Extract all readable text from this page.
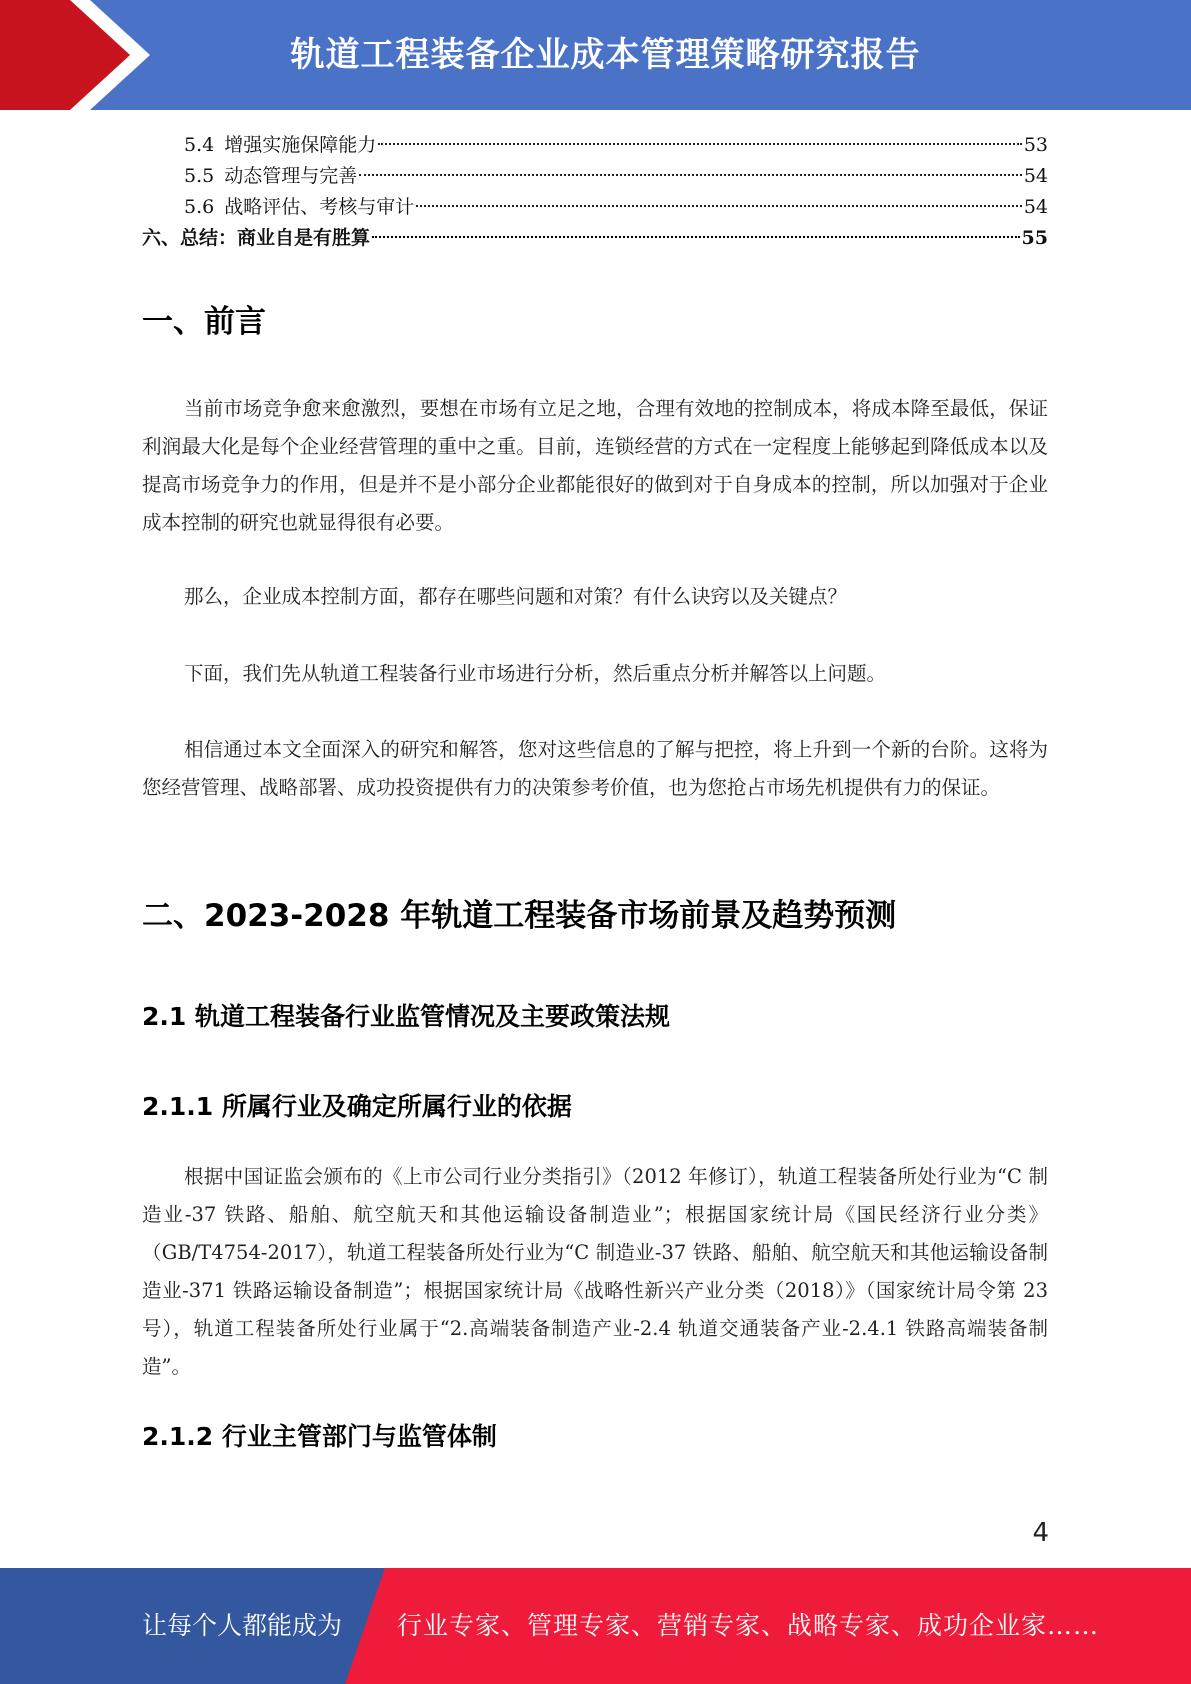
轨道工程装备企业成本管理策略研究报告
5.4 增强实施保障能力	53
5.5 动态管理与完善	54
5.6 战略评估、考核与审计	54
六、总结：商业自是有胜算	55
一、前言
当前市场竞争愈来愈激烈，要想在市场有立足之地，合理有效地的控制成本，将成本降至最低，保证利润最大化是每个企业经营管理的重中之重。目前，连锁经营的方式在一定程度上能够起到降低成本以及提高市场竞争力的作用，但是并不是小部分企业都能很好的做到对于自身成本的控制，所以加强对于企业成本控制的研究也就显得很有必要。
那么，企业成本控制方面，都存在哪些问题和对策？有什么诀窍以及关键点？
下面，我们先从轨道工程装备行业市场进行分析，然后重点分析并解答以上问题。
相信通过本文全面深入的研究和解答，您对这些信息的了解与把控，将上升到一个新的台阶。这将为您经营管理、战略部署、成功投资提供有力的决策参考价值，也为您抢占市场先机提供有力的保证。
二、2023-2028 年轨道工程装备市场前景及趋势预测
2.1 轨道工程装备行业监管情况及主要政策法规
2.1.1 所属行业及确定所属行业的依据
根据中国证监会颁布的《上市公司行业分类指引》（2012 年修订），轨道工程装备所处行业为“C 制造业-37 铁路、船舶、航空航天和其他运输设备制造业”；根据国家统计局《国民经济行业分类》（GB/T4754-2017），轨道工程装备所处行业为“C 制造业-37 铁路、船舶、航空航天和其他运输设备制造业-371 铁路运输设备制造”；根据国家统计局《战略性新兴产业分类（2018）》（国家统计局令第 23 号），轨道工程装备所处行业属于“2.高端装备制造产业-2.4 轨道交通装备产业-2.4.1 铁路高端装备制造”。
2.1.2 行业主管部门与监管体制
4
让每个人都能成为 行业专家、管理专家、营销专家、战略专家、成功企业家……
